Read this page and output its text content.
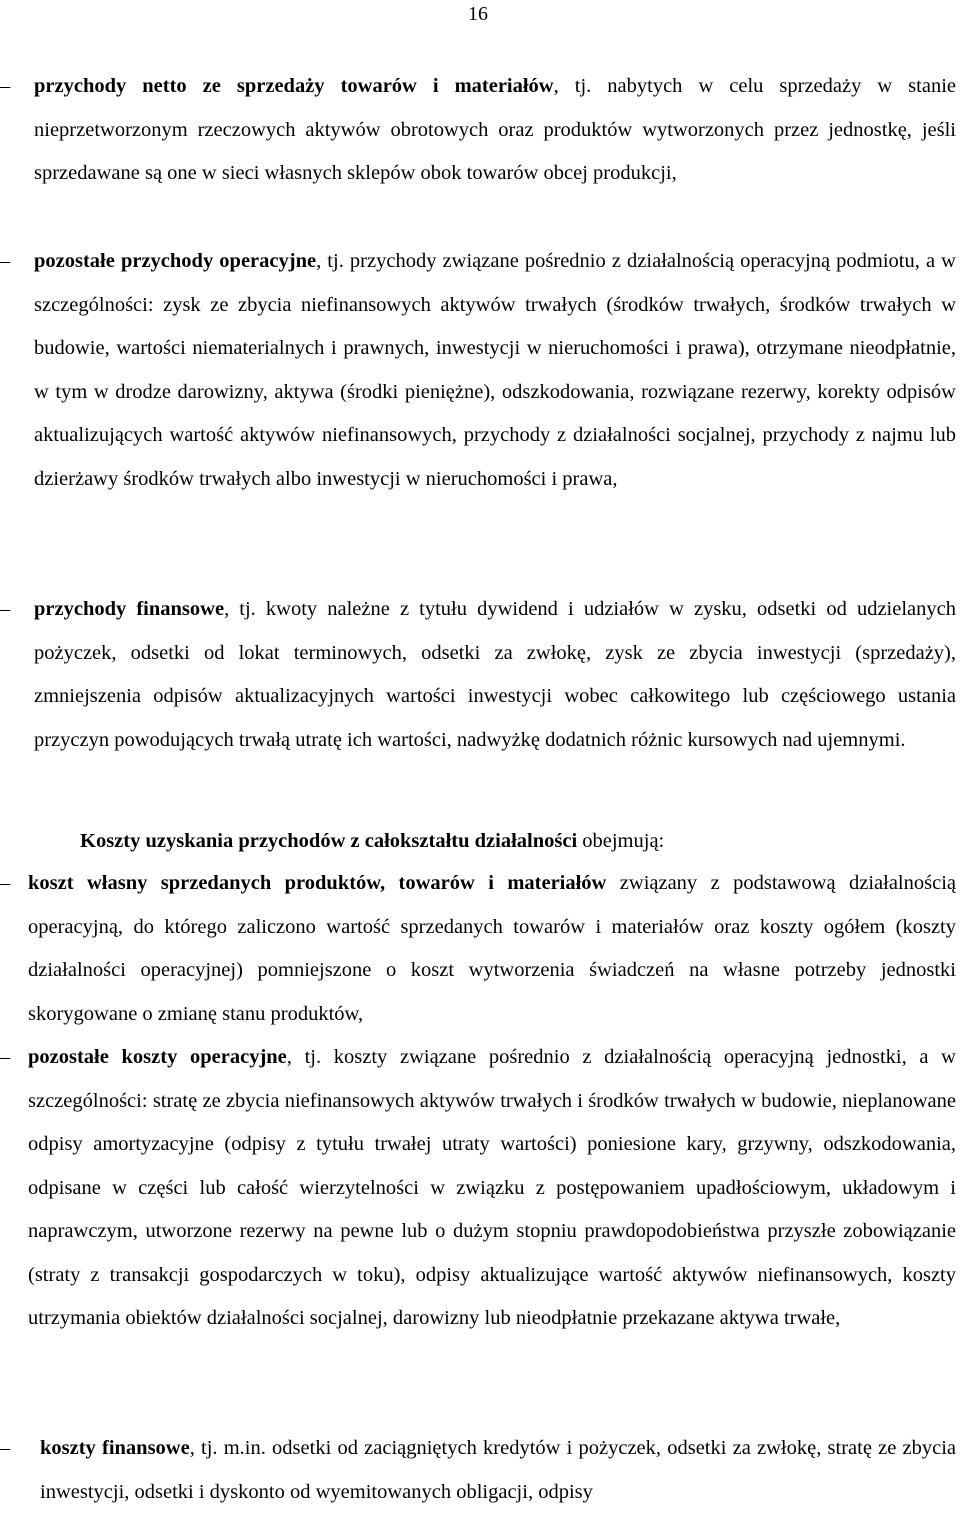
16
–	przychody netto ze sprzedaży towarów i materiałów, tj. nabytych w celu sprzedaży w stanie nieprzetworzonym rzeczowych aktywów obrotowych oraz produktów wytworzonych przez jednostkę, jeśli sprzedawane są one w sieci własnych sklepów obok towarów obcej produkcji,
–	pozostałe przychody operacyjne, tj. przychody związane pośrednio z działalnością operacyjną podmiotu, a w szczególności: zysk ze zbycia niefinansowych aktywów trwałych (środków trwałych, środków trwałych w budowie, wartości niematerialnych i prawnych, inwestycji w nieruchomości i prawa), otrzymane nieodpłatnie, w tym w drodze darowizny, aktywa (środki pieniężne), odszkodowania, rozwiązane rezerwy, korekty odpisów aktualizujących wartość aktywów niefinansowych, przychody z działalności socjalnej, przychody z najmu lub dzierżawy środków trwałych albo inwestycji w nieruchomości i prawa,
–	przychody finansowe, tj. kwoty należne z tytułu dywidend i udziałów w zysku, odsetki od udzielanych pożyczek, odsetki od lokat terminowych, odsetki za zwłokę, zysk ze zbycia inwestycji (sprzedaży), zmniejszenia odpisów aktualizacyjnych wartości inwestycji wobec całkowitego lub częściowego ustania przyczyn powodujących trwałą utratę ich wartości, nadwyżkę dodatnich różnic kursowych nad ujemnymi.
Koszty uzyskania przychodów z całokształtu działalności obejmują:
– koszt własny sprzedanych produktów, towarów i materiałów związany z podstawową działalnością operacyjną, do którego zaliczono wartość sprzedanych towarów i materiałów oraz koszty ogółem (koszty działalności operacyjnej) pomniejszone o koszt wytworzenia świadczeń na własne potrzeby jednostki skorygowane o zmianę stanu produktów,
– pozostałe koszty operacyjne, tj. koszty związane pośrednio z działalnością operacyjną jednostki, a w szczególności: stratę ze zbycia niefinansowych aktywów trwałych i środków trwałych w budowie, nieplanowane odpisy amortyzacyjne (odpisy z tytułu trwałej utraty wartości) poniesione kary, grzywny, odszkodowania, odpisane w części lub całość wierzytelności w związku z postępowaniem upadłościowym, układowym i naprawczym, utworzone rezerwy na pewne lub o dużym stopniu prawdopodobieństwa przyszłe zobowiązanie (straty z transakcji gospodarczych w toku), odpisy aktualizujące wartość aktywów niefinansowych, koszty utrzymania obiektów działalności socjalnej, darowizny lub nieodpłatnie przekazane aktywa trwałe,
–	koszty finansowe, tj. m.in. odsetki od zaciągniętych kredytów i pożyczek, odsetki za zwłokę, stratę ze zbycia inwestycji, odsetki i dyskonto od wyemitowanych obligacji, odpisy
